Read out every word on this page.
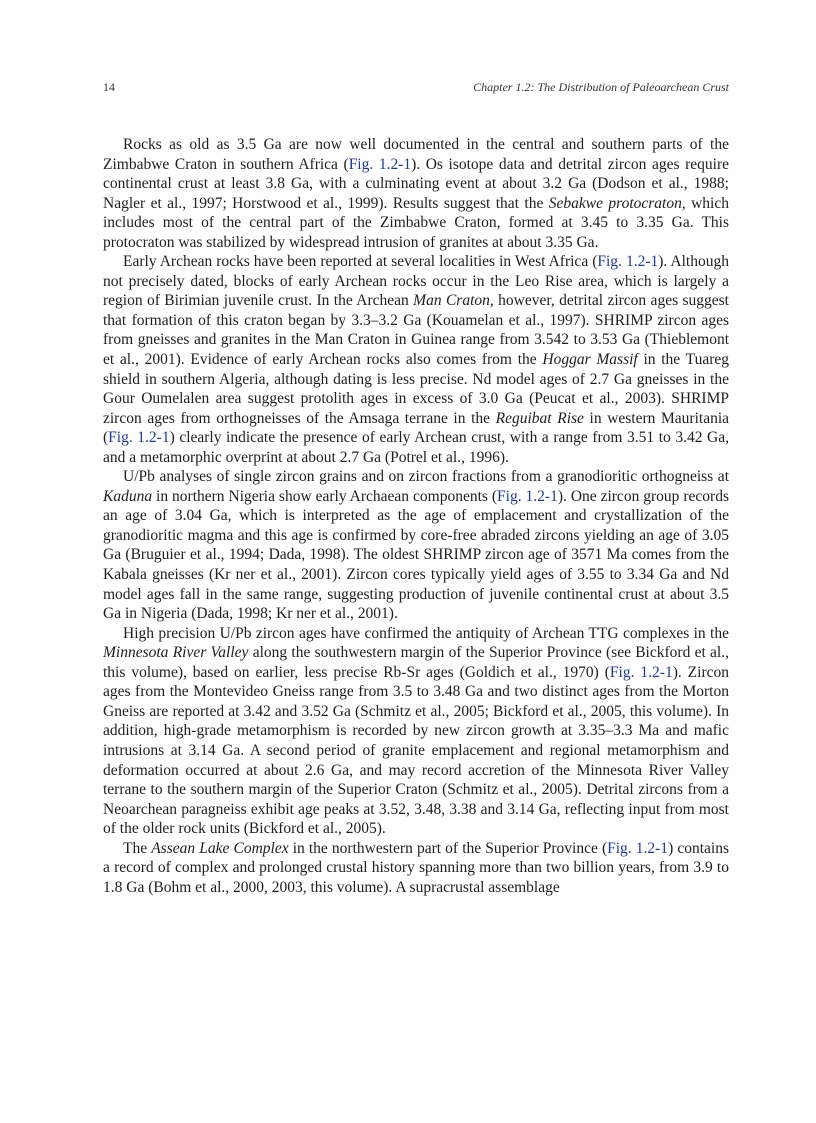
14	Chapter 1.2: The Distribution of Paleoarchean Crust

Rocks as old as 3.5 Ga are now well documented in the central and southern parts of the Zimbabwe Craton in southern Africa (Fig. 1.2-1). Os isotope data and detrital zircon ages require continental crust at least 3.8 Ga, with a culminating event at about 3.2 Ga (Dodson et al., 1988; Nagler et al., 1997; Horstwood et al., 1999). Results suggest that the Sebakwe protocraton, which includes most of the central part of the Zimbabwe Craton, formed at 3.45 to 3.35 Ga. This protocraton was stabilized by widespread intrusion of granites at about 3.35 Ga.

Early Archean rocks have been reported at several localities in West Africa (Fig. 1.2-1). Although not precisely dated, blocks of early Archean rocks occur in the Leo Rise area, which is largely a region of Birimian juvenile crust. In the Archean Man Craton, however, detrital zircon ages suggest that formation of this craton began by 3.3–3.2 Ga (Kouamelan et al., 1997). SHRIMP zircon ages from gneisses and granites in the Man Craton in Guinea range from 3.542 to 3.53 Ga (Thieblemont et al., 2001). Evidence of early Archean rocks also comes from the Hoggar Massif in the Tuareg shield in southern Algeria, although dating is less precise. Nd model ages of 2.7 Ga gneisses in the Gour Oumelalen area suggest protolith ages in excess of 3.0 Ga (Peucat et al., 2003). SHRIMP zircon ages from orthogneisses of the Amsaga terrane in the Reguibat Rise in western Mauritania (Fig. 1.2-​1) clearly indicate the presence of early Archean crust, with a range from 3.51 to 3.42 Ga, and a metamorphic overprint at about 2.7 Ga (Potrel et al., 1996).

U/Pb analyses of single zircon grains and on zircon fractions from a granodioritic orthogneiss at Kaduna in northern Nigeria show early Archaean components (Fig. 1.2-1). One zircon group records an age of 3.04 Ga, which is interpreted as the age of emplacement and crystallization of the granodioritic magma and this age is confirmed by core-free abraded zircons yielding an age of 3.05 Ga (Bruguier et al., 1994; Dada, 1998). The oldest SHRIMP zircon age of 3571 Ma comes from the Kabala gneisses (Kr ner et al., 2001). Zircon cores typically yield ages of 3.55 to 3.34 Ga and Nd model ages fall in the same range, suggesting production of juvenile continental crust at about 3.5 Ga in Nigeria (Dada, 1998; Kr ner et al., 2001).

High precision U/Pb zircon ages have confirmed the antiquity of Archean TTG complexes in the Minnesota River Valley along the southwestern margin of the Superior Province (see Bickford et al., this volume), based on earlier, less precise Rb-Sr ages (Goldich et al., 1970) (Fig. 1.2-1). Zircon ages from the Montevideo Gneiss range from 3.5 to 3.48 Ga and two distinct ages from the Morton Gneiss are reported at 3.42 and 3.52 Ga (Schmitz et al., 2005; Bickford et al., 2005, this volume). In addition, high-grade metamorphism is recorded by new zircon growth at 3.35–3.3 Ma and mafic intrusions at 3.14 Ga. A second period of granite emplacement and regional metamorphism and deformation occurred at about 2.6 Ga, and may record accretion of the Minnesota River Valley terrane to the southern margin of the Superior Craton (Schmitz et al., 2005). Detrital zircons from a Neoarchean paragneiss exhibit age peaks at 3.52, 3.48, 3.38 and 3.14 Ga, reflecting input from most of the older rock units (Bickford et al., 2005).

The Assean Lake Complex in the northwestern part of the Superior Province (Fig. 1.2-1) contains a record of complex and prolonged crustal history spanning more than two billion years, from 3.9 to 1.8 Ga (Bohm et al., 2000, 2003, this volume). A supracrustal assemblage
